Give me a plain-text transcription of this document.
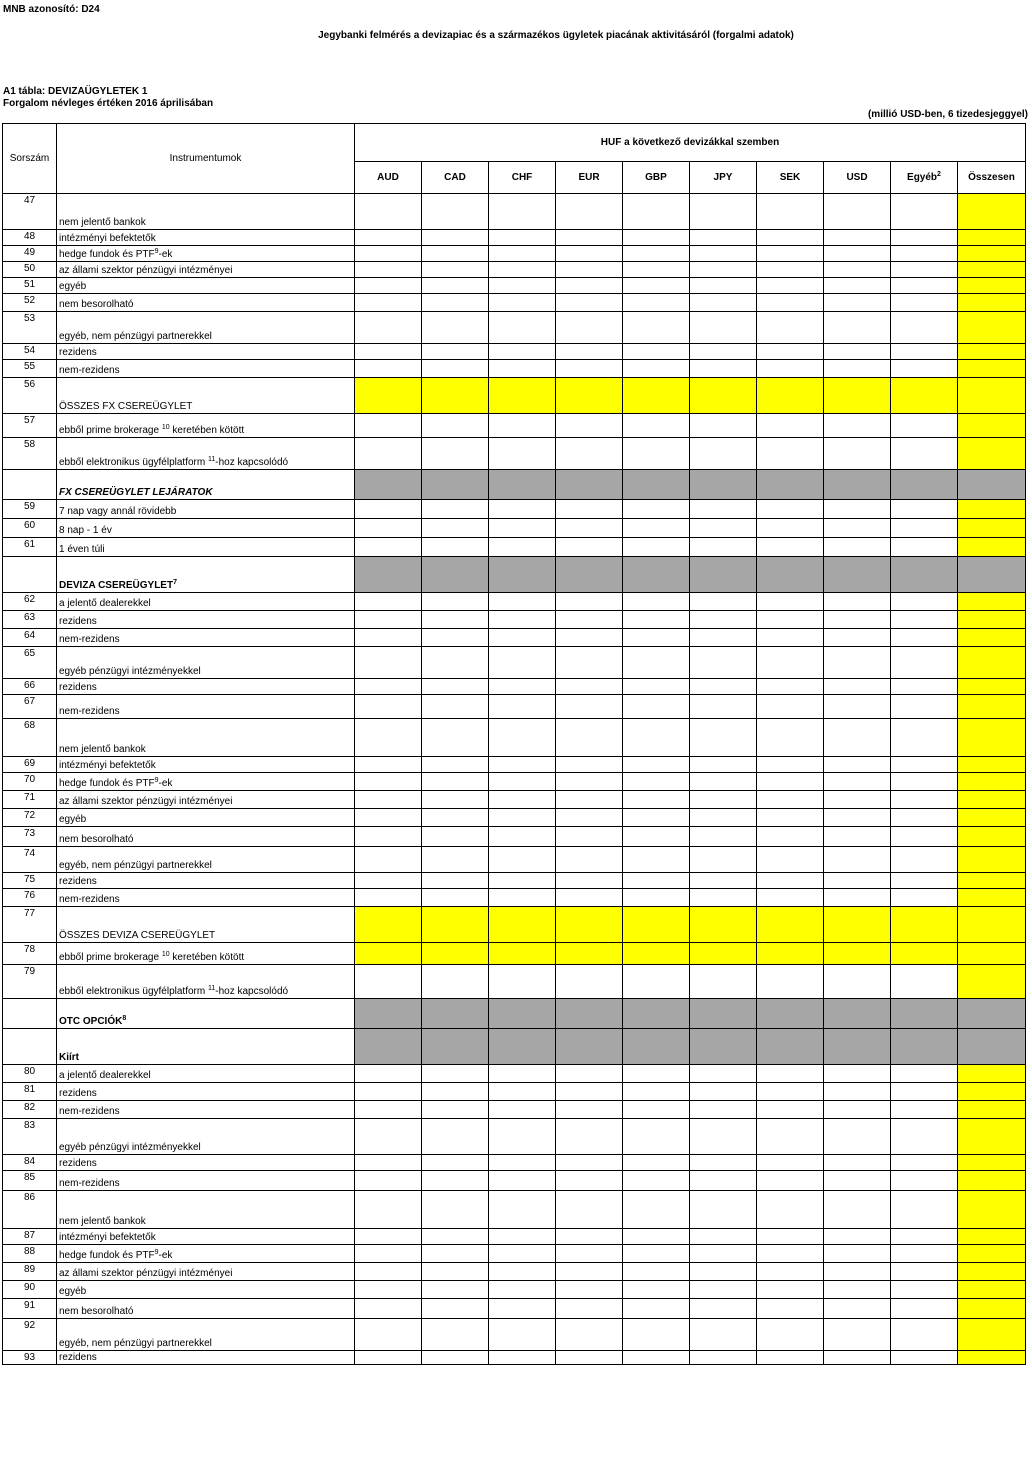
MNB azonosító: D24
Jegybanki felmérés a devizapiac és a származékos ügyletek piacának aktivitásáról (forgalmi adatok)
A1 tábla: DEVIZAÜGYLETEK 1
Forgalom névleges értéken 2016 áprilisában
(millió USD-ben, 6 tizedesjeggyel)
Sorszám	Instrumentumok	HUF a következő devizákkal szemben									
		AUD	CAD	CHF	EUR	GBP	JPY	SEK	USD	Egyéb$^2$	Összesen
47	nem jelentő bankok										
48	intézményi befektetők										
49	hedge fundok és PTF$^9$-ek										
50	az állami szektor pénzügyi intézményei										
51	egyéb										
52	nem besorolható										
53	egyéb, nem pénzügyi partnerekkel										
54	rezidens										
55	nem-rezidens										
56	ÖSSZES FX CSEREÜGYLET										
57	ebből prime brokerage $^{10}$ keretében kötött										
58	ebből elektronikus ügyfélplatform $^{11}$-hoz kapcsolódó										
	FX CSEREÜGYLET LEJÁRATOK										
59	7 nap vagy annál rövidebb										
60	8 nap - 1 év										
61	1 éven túli										
	DEVIZA CSEREÜGYLET$^7$										
62	a jelentő dealerekkel										
63	rezidens										
64	nem-rezidens										
65	egyéb pénzügyi intézményekkel										
66	rezidens										
67	nem-rezidens										
68	nem jelentő bankok										
69	intézményi befektetők										
70	hedge fundok és PTF$^9$-ek										
71	az állami szektor pénzügyi intézményei										
72	egyéb										
73	nem besorolható										
74	egyéb, nem pénzügyi partnerekkel										
75	rezidens										
76	nem-rezidens										
77	ÖSSZES DEVIZA CSEREÜGYLET										
78	ebből prime brokerage $^{10}$ keretében kötött										
79	ebből elektronikus ügyfélplatform $^{11}$-hoz kapcsolódó										
	OTC OPCIÓK$^8$										
	Kiírt										
80	a jelentő dealerekkel										
81	rezidens										
82	nem-rezidens										
83	egyéb pénzügyi intézményekkel										
84	rezidens										
85	nem-rezidens										
86	nem jelentő bankok										
87	intézményi befektetők										
88	hedge fundok és PTF$^9$-ek										
89	az állami szektor pénzügyi intézményei										
90	egyéb										
91	nem besorolható										
92	egyéb, nem pénzügyi partnerekkel										
93	rezidens										
